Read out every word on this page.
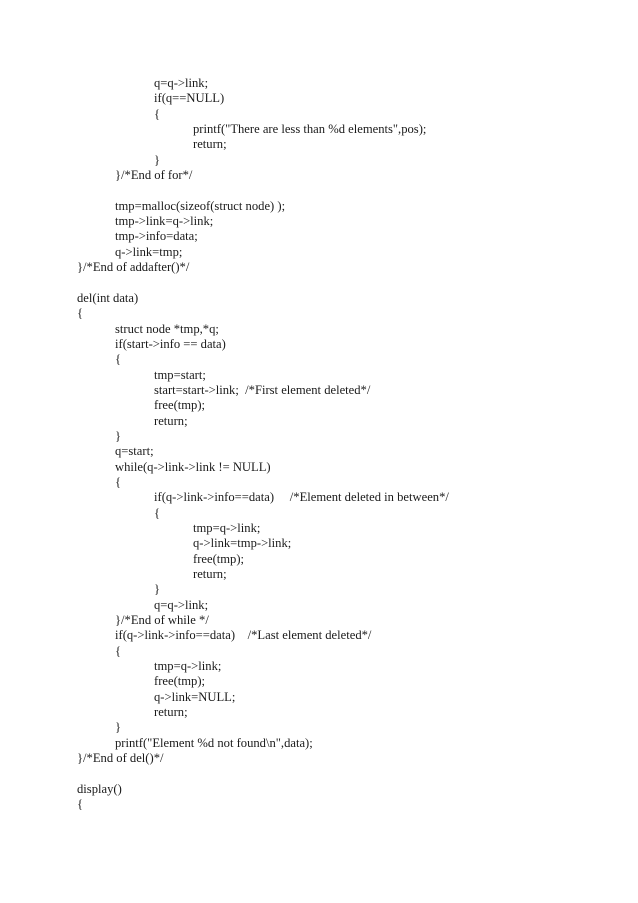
q=q->link;
if(q==NULL)
{
printf("There are less than %d elements",pos);
return;
}
}/*End of for*/
tmp=malloc(sizeof(struct node) );
tmp->link=q->link;
tmp->info=data;
q->link=tmp;
}/*End of addafter()*/
del(int data)
{
struct node *tmp,*q;
if(start->info == data)
{
tmp=start;
start=start->link;  /*First element deleted*/
free(tmp);
return;
}
q=start;
while(q->link->link != NULL)
{
if(q->link->info==data)     /*Element deleted in between*/
{
tmp=q->link;
q->link=tmp->link;
free(tmp);
return;
}
q=q->link;
}/*End of while */
if(q->link->info==data)    /*Last element deleted*/
{
tmp=q->link;
free(tmp);
q->link=NULL;
return;
}
printf("Element %d not found\n",data);
}/*End of del()*/
display()
{
